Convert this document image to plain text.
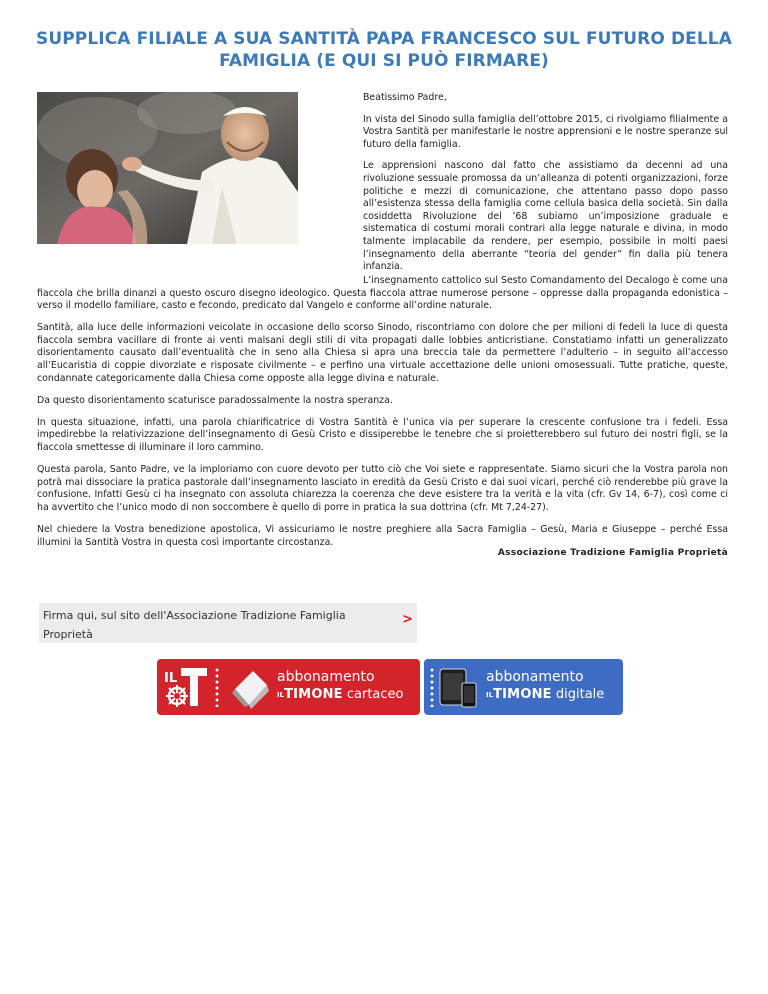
SUPPLICA FILIALE A SUA SANTITÀ PAPA FRANCESCO SUL FUTURO DELLA FAMIGLIA (E QUI SI PUÒ FIRMARE)

Beatissimo Padre,

In vista del Sinodo sulla famiglia dell’ottobre 2015, ci rivolgiamo filialmente a Vostra Santità per manifestarle le nostre apprensioni e le nostre speranze sul futuro della famiglia.

Le apprensioni nascono dal fatto che assistiamo da decenni ad una rivoluzione sessuale promossa da un’alleanza di potenti organizzazioni, forze politiche e mezzi di comunicazione, che attentano passo dopo passo all’esistenza stessa della famiglia come cellula basica della società. Sin dalla cosiddetta Rivoluzione del ’68 subiamo un’imposizione graduale e sistematica di costumi morali contrari alla legge naturale e divina, in modo talmente implacabile da rendere, per esempio, possibile in molti paesi l’insegnamento della aberrante “teoria del gender” fin dalla più tenera infanzia.

L’insegnamento cattolico sul Sesto Comandamento del Decalogo è come una fiaccola che brilla dinanzi a questo oscuro disegno ideologico. Questa fiaccola attrae numerose persone – oppresse dalla propaganda edonistica – verso il modello familiare, casto e fecondo, predicato dal Vangelo e conforme all’ordine naturale.

Santità, alla luce delle informazioni veicolate in occasione dello scorso Sinodo, riscontriamo con dolore che per milioni di fedeli la luce di questa fiaccola sembra vacillare di fronte ai venti malsani degli stili di vita propagati dalle lobbies anticristiane. Constatiamo infatti un generalizzato disorientamento causato dall’eventualità che in seno alla Chiesa si apra una breccia tale da permettere l’adulterio – in seguito all’accesso all’Eucaristia di coppie divorziate e risposate civilmente – e perfino una virtuale accettazione delle unioni omosessuali. Tutte pratiche, queste, condannate categoricamente dalla Chiesa come opposte alla legge divina e naturale.

Da questo disorientamento scaturisce paradossalmente la nostra speranza.

In questa situazione, infatti, una parola chiarificatrice di Vostra Santità è l’unica via per superare la crescente confusione tra i fedeli. Essa impedirebbe la relativizzazione dell’insegnamento di Gesù Cristo e dissiperebbe le tenebre che si proietterebbero sul futuro dei nostri figli, se la fiaccola smettesse di illuminare il loro cammino.

Questa parola, Santo Padre, ve la imploriamo con cuore devoto per tutto ciò che Voi siete e rappresentate. Siamo sicuri che la Vostra parola non potrà mai dissociare la pratica pastorale dall’insegnamento lasciato in eredità da Gesù Cristo e dai suoi vicari, perché ciò renderebbe più grave la confusione. Infatti Gesù ci ha insegnato con assoluta chiarezza la coerenza che deve esistere tra la verità e la vita (cfr. Gv 14, 6-7), così come ci ha avvertito che l’unico modo di non soccombere è quello di porre in pratica la sua dottrina (cfr. Mt 7,24-27).

Nel chiedere la Vostra benedizione apostolica, Vi assicuriamo le nostre preghiere alla Sacra Famiglia – Gesù, Maria e Giuseppe – perché Essa illumini la Santità Vostra in questa così importante circostanza.

Associazione Tradizione Famiglia Proprietà
Firma qui, sul sito dell'Associazione Tradizione Famiglia Proprietà
>
IL	abbonamento
$^{IL}$TIMONE cartaceo
abbonamento
$^{IL}$TIMONE digitale
